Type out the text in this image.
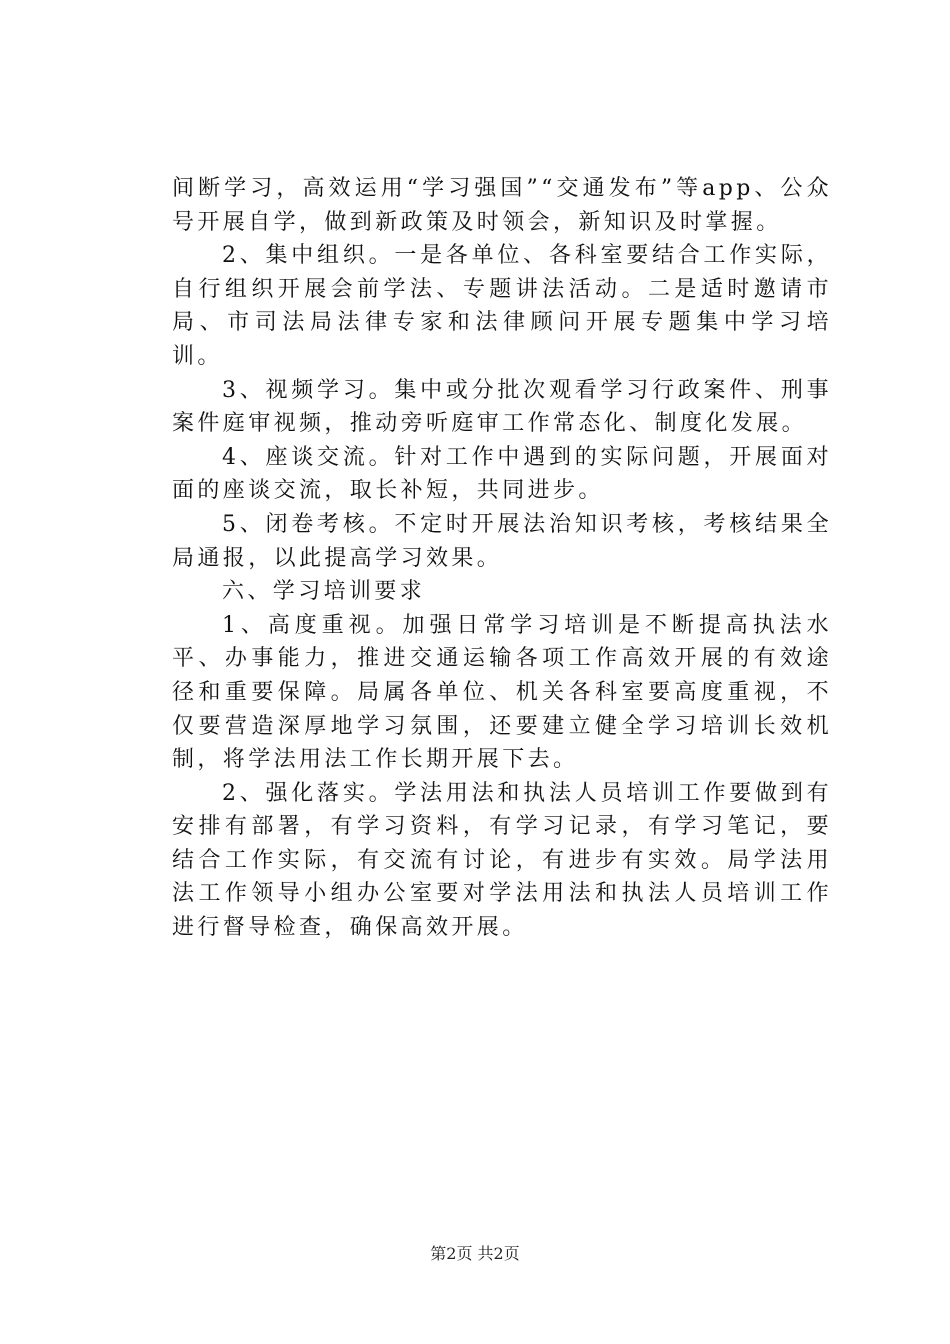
间断学习，高效运用“学习强国”“交通发布”等app、公众号开展自学，做到新政策及时领会，新知识及时掌握。

2、集中组织。一是各单位、各科室要结合工作实际，自行组织开展会前学法、专题讲法活动。二是适时邀请市局、市司法局法律专家和法律顾问开展专题集中学习培训。

3、视频学习。集中或分批次观看学习行政案件、刑事案件庭审视频，推动旁听庭审工作常态化、制度化发展。

4、座谈交流。针对工作中遇到的实际问题，开展面对面的座谈交流，取长补短，共同进步。

5、闭卷考核。不定时开展法治知识考核，考核结果全局通报，以此提高学习效果。

六、学习培训要求

1、高度重视。加强日常学习培训是不断提高执法水平、办事能力，推进交通运输各项工作高效开展的有效途径和重要保障。局属各单位、机关各科室要高度重视，不仅要营造深厚地学习氛围，还要建立健全学习培训长效机制，将学法用法工作长期开展下去。

2、强化落实。学法用法和执法人员培训工作要做到有安排有部署，有学习资料，有学习记录，有学习笔记，要结合工作实际，有交流有讨论，有进步有实效。局学法用法工作领导小组办公室要对学法用法和执法人员培训工作进行督导检查，确保高效开展。

第2页 共2页
